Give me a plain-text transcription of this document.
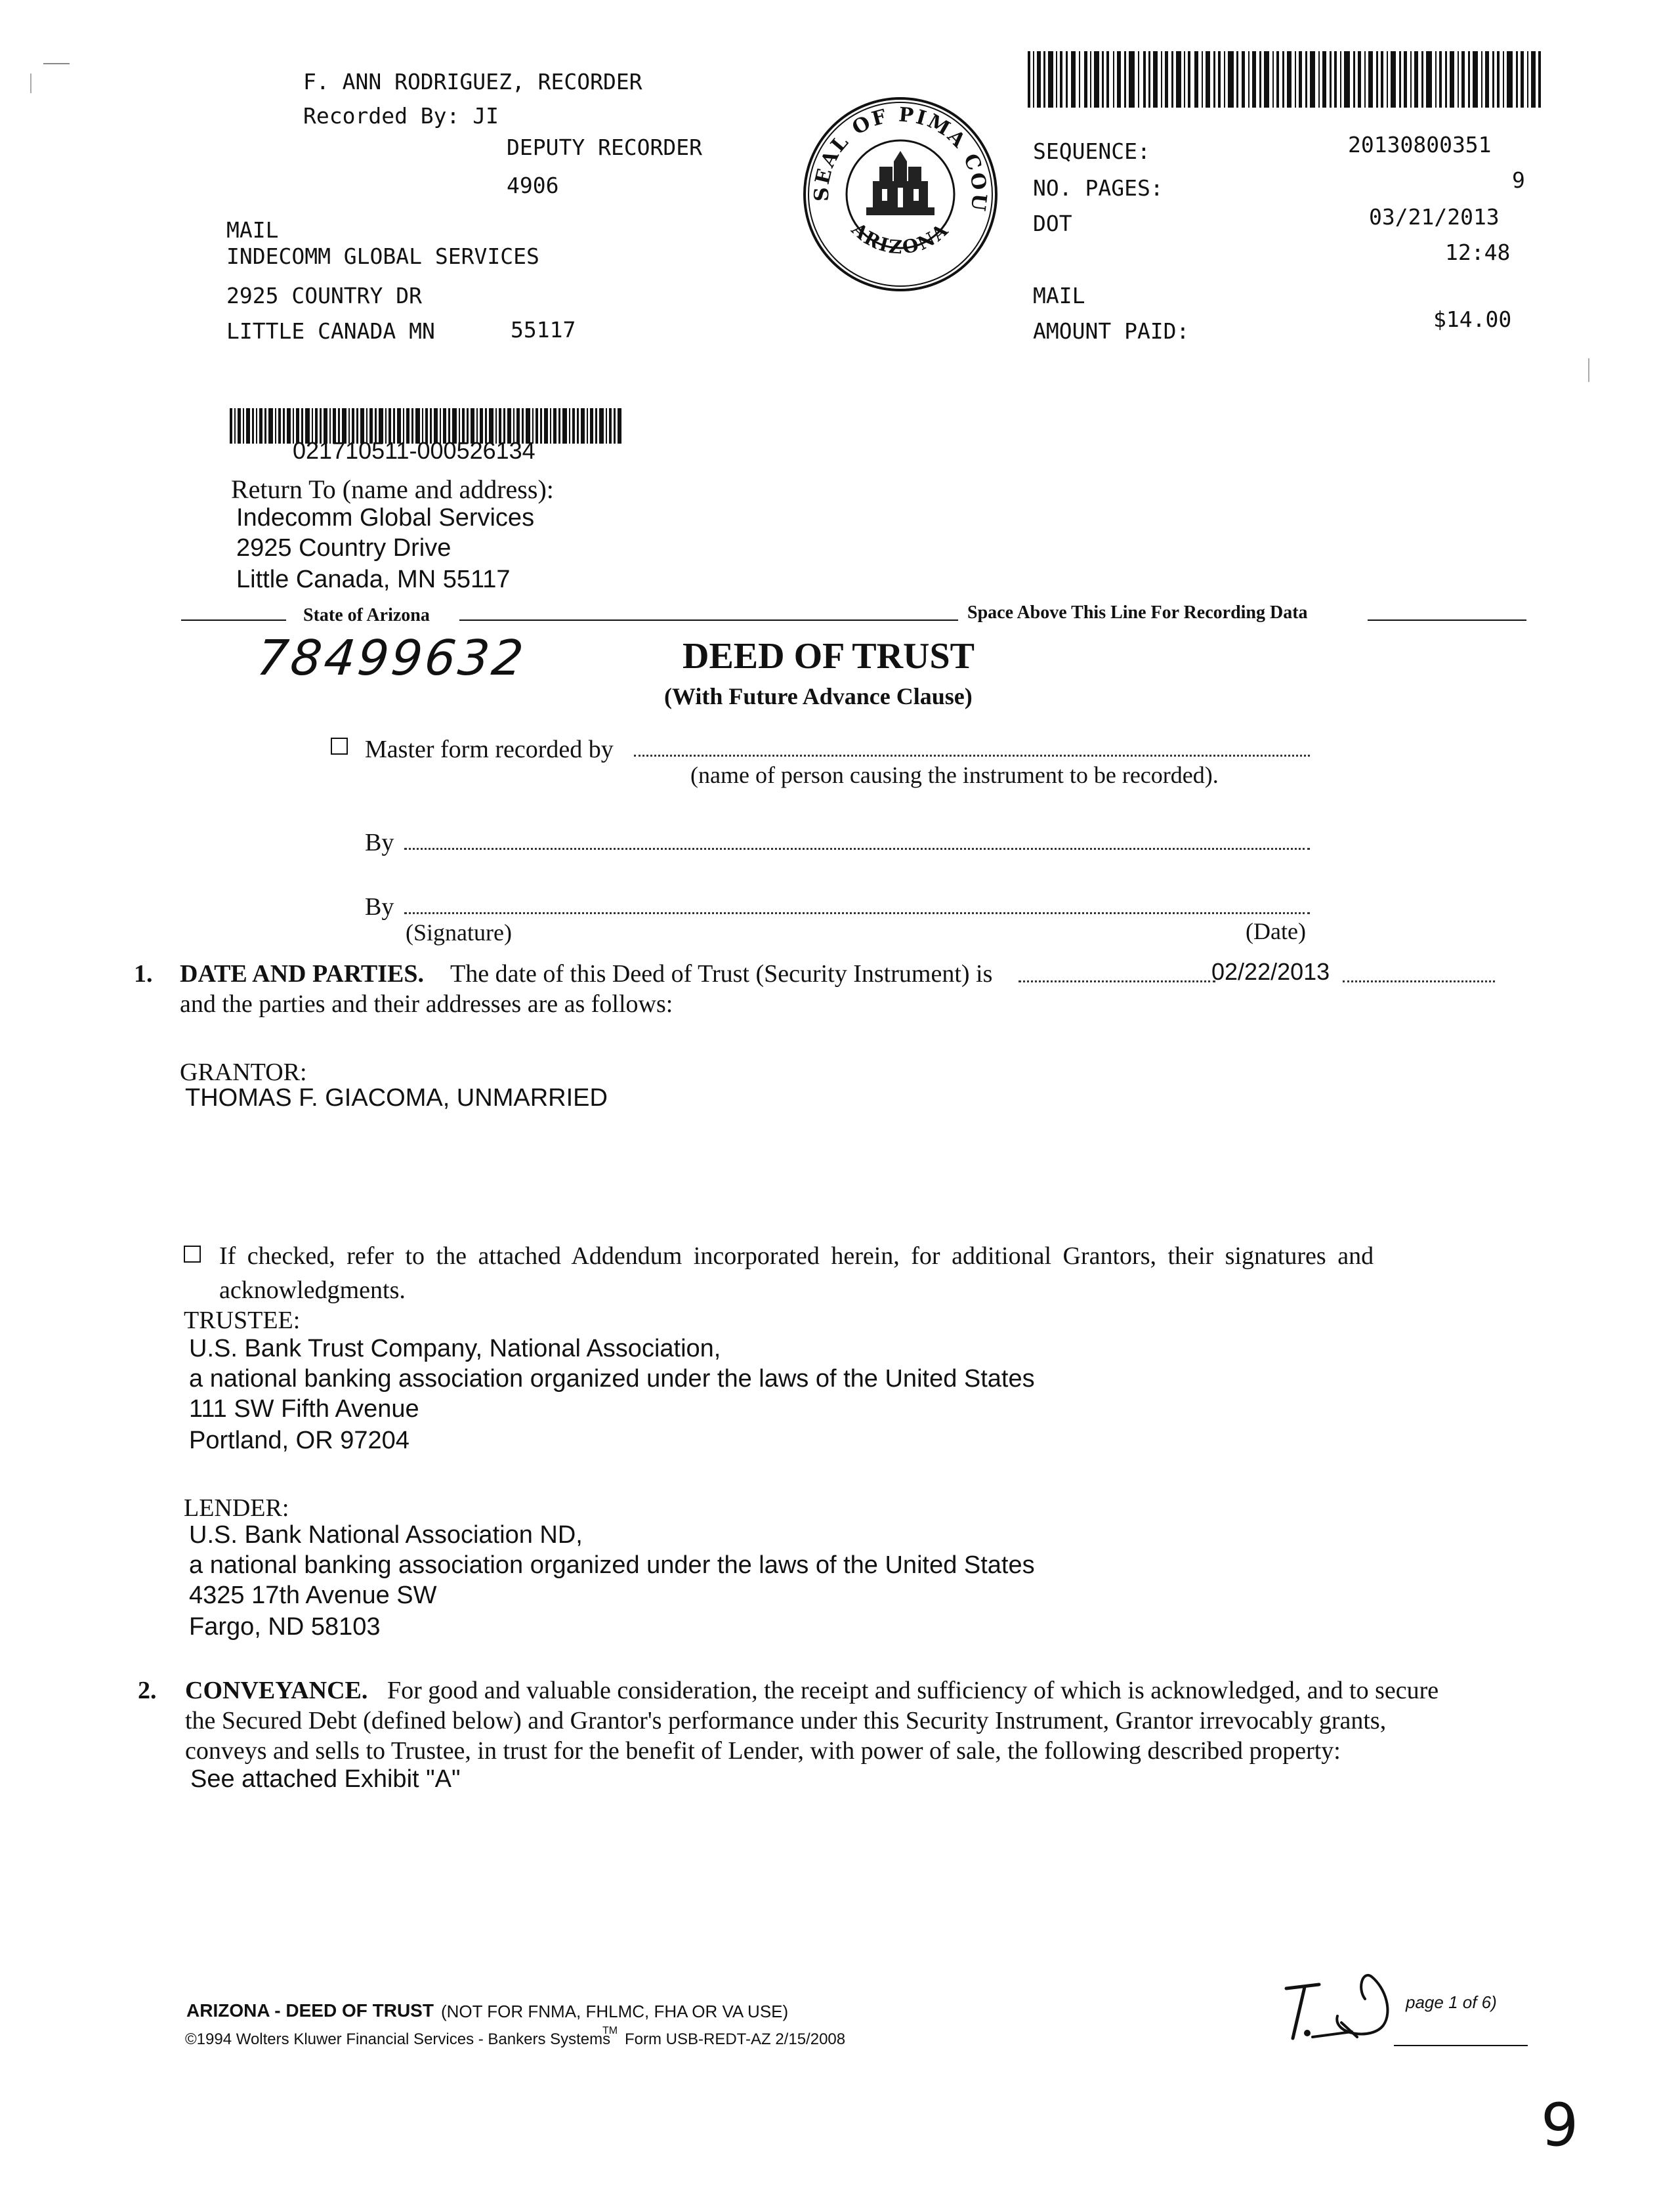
F. ANN RODRIGUEZ, RECORDER
Recorded By: JI
DEPUTY RECORDER
4906
MAIL
INDECOMM GLOBAL SERVICES
2925 COUNTRY DR
LITTLE CANADA MN	55117
SEAL OF PIMA COU
ARIZONA
SEQUENCE:	20130800351
NO. PAGES:	9
DOT	03/21/2013
12:48
MAIL
AMOUNT PAID:	$14.00
021710511-000526134
Return To (name and address):
Indecomm Global Services
2925 Country Drive
Little Canada, MN 55117
State of Arizona	Space Above This Line For Recording Data
78499632	DEED OF TRUST
(With Future Advance Clause)
Master form recorded by
(name of person causing the instrument to be recorded).
By
By
(Signature)	(Date)
1. DATE AND PARTIES. The date of this Deed of Trust (Security Instrument) is	02/22/2013
and the parties and their addresses are as follows:
GRANTOR:
THOMAS F. GIACOMA, UNMARRIED
If checked, refer to the attached Addendum incorporated herein, for additional Grantors, their signatures and
acknowledgments.
TRUSTEE:
U.S. Bank Trust Company, National Association,
a national banking association organized under the laws of the United States
111 SW Fifth Avenue
Portland, OR 97204
LENDER:
U.S. Bank National Association ND,
a national banking association organized under the laws of the United States
4325 17th Avenue SW
Fargo, ND 58103
2. CONVEYANCE. For good and valuable consideration, the receipt and sufficiency of which is acknowledged, and to secure
the Secured Debt (defined below) and Grantor's performance under this Security Instrument, Grantor irrevocably grants,
conveys and sells to Trustee, in trust for the benefit of Lender, with power of sale, the following described property:
See attached Exhibit "A"
ARIZONA - DEED OF TRUST (NOT FOR FNMA, FHLMC, FHA OR VA USE)
©1994 Wolters Kluwer Financial Services - Bankers Systems
TM Form USB-REDT-AZ 2/15/2008
page 1 of 6)
9
